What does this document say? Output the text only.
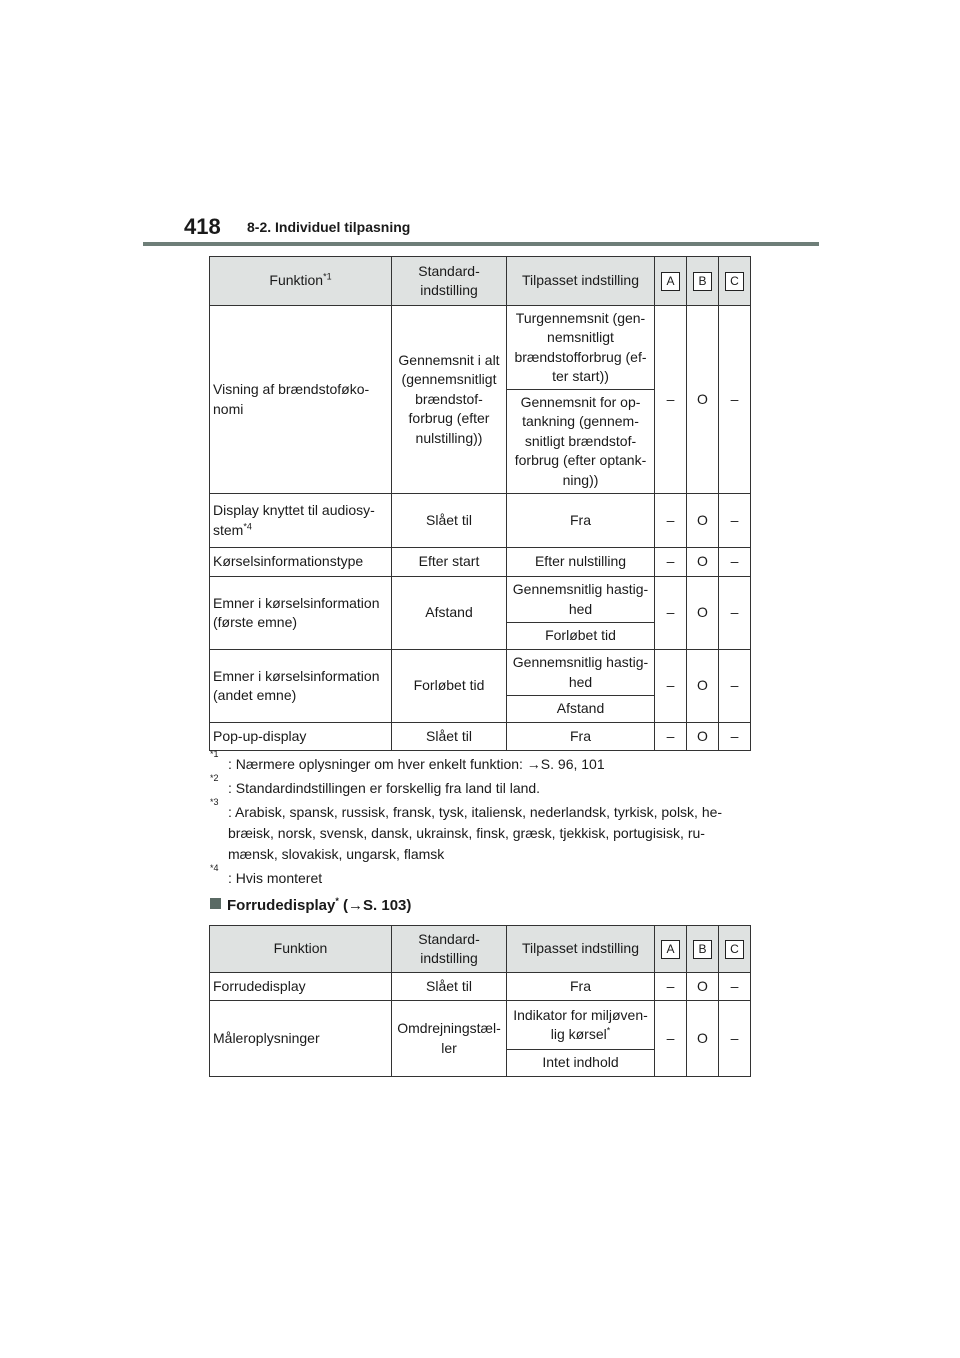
418 8-2. Individuel tilpasning
Funktion$^{*1}$	Standard-
indstilling	Tilpasset indstilling	A	B	C
Visning af brændstoføko-
nomi	Gennemsnit i alt
(gennemsnitligt
brændstof-
forbrug (efter
nulstilling))	Turgennemsnit (gen-
nemsnitligt
brændstofforbrug (ef-
ter start))	–	O	–
		Gennemsnit for op-
tankning (gennem-
snitligt brændstof-
forbrug (efter optank-
ning))			
Display knyttet til audiosy-
stem$^{*4}$	Slået til	Fra	–	O	–
Kørselsinformationstype	Efter start	Efter nulstilling	–	O	–
Emner i kørselsinformation
(første emne)	Afstand	Gennemsnitlig hastig-
hed	–	O	–
		Forløbet tid			
Emner i kørselsinformation
(andet emne)	Forløbet tid	Gennemsnitlig hastig-
hed	–	O	–
		Afstand			
Pop-up-display	Slået til	Fra	–	O	–
*1
: Nærmere oplysninger om hver enkelt funktion: →S. 96, 101
*2
: Standardindstillingen er forskellig fra land til land.
*3
: Arabisk, spansk, russisk, fransk, tysk, italiensk, nederlandsk, tyrkisk, polsk, he-
bræisk, norsk, svensk, dansk, ukrainsk, finsk, græsk, tjekkisk, portugisisk, ru-
mænsk, slovakisk, ungarsk, flamsk
*4
: Hvis monteret
Forrudedisplay* (→S. 103)
Funktion	Standard-
indstilling	Tilpasset indstilling	A	B	C
Forrudedisplay	Slået til	Fra	–	O	–
Måleroplysninger	Omdrejningstæl-
ler	Indikator for miljøven-
lig kørsel*	–	O	–
		Intet indhold			
